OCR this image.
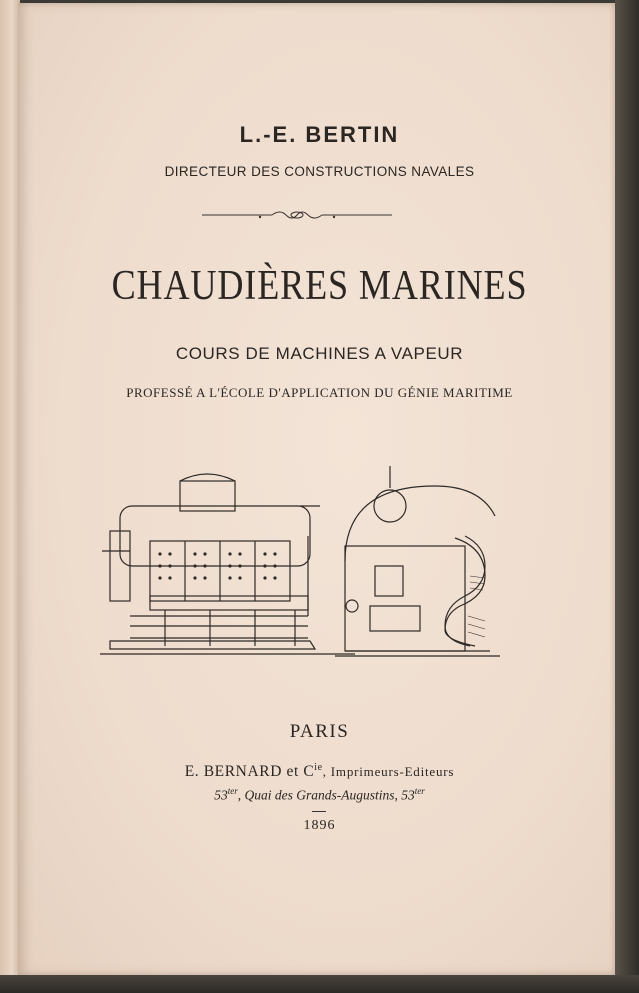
L.-E. BERTIN
DIRECTEUR DES CONSTRUCTIONS NAVALES
CHAUDIÈRES MARINES
COURS DE MACHINES A VAPEUR
PROFESSÉ A L'ÉCOLE D'APPLICATION DU GÉNIE MARITIME
PARIS
E. BERNARD et $C^{ie}$, Imprimeurs-Editeurs
$53^{ter}$, Quai des Grands-Augustins, $53^{ter}$
1896
